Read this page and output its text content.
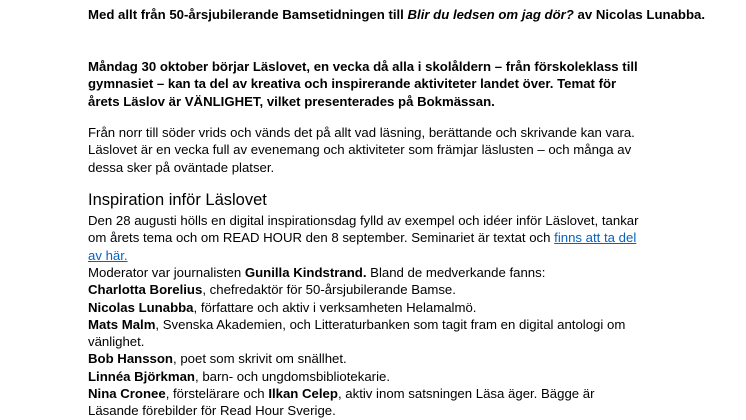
Med allt från 50-årsjubilerande Bamsetidningen till Blir du ledsen om jag dör? av Nicolas Lunabba.

Måndag 30 oktober börjar Läslovet, en vecka då alla i skolåldern – från förskoleklass till gymnasiet – kan ta del av kreativa och inspirerande aktiviteter landet över. Temat för årets Läslov är VÄNLIGHET, vilket presenterades på Bokmässan.

Från norr till söder vrids och vänds det på allt vad läsning, berättande och skrivande kan vara. Läslovet är en vecka full av evenemang och aktiviteter som främjar läslusten – och många av dessa sker på oväntade platser.

Inspiration inför Läslovet

Den 28 augusti hölls en digital inspirationsdag fylld av exempel och idéer inför Läslovet, tankar om årets tema och om READ HOUR den 8 september. Seminariet är textat och finns att ta del av här.

Moderator var journalisten Gunilla Kindstrand. Bland de medverkande fanns:
Charlotta Borelius, chefredaktör för 50-årsjubilerande Bamse.
Nicolas Lunabba, författare och aktiv i verksamheten Helamalmö.
Mats Malm, Svenska Akademien, och Litteraturbanken som tagit fram en digital antologi om vänlighet.
Bob Hansson, poet som skrivit om snällhet.
Linnéa Björkman, barn- och ungdomsbibliotekarie.
Nina Cronee, förstelärare och Ilkan Celep, aktiv inom satsningen Läsa äger. Bägge är Läsande förebilder för Read Hour Sverige.
